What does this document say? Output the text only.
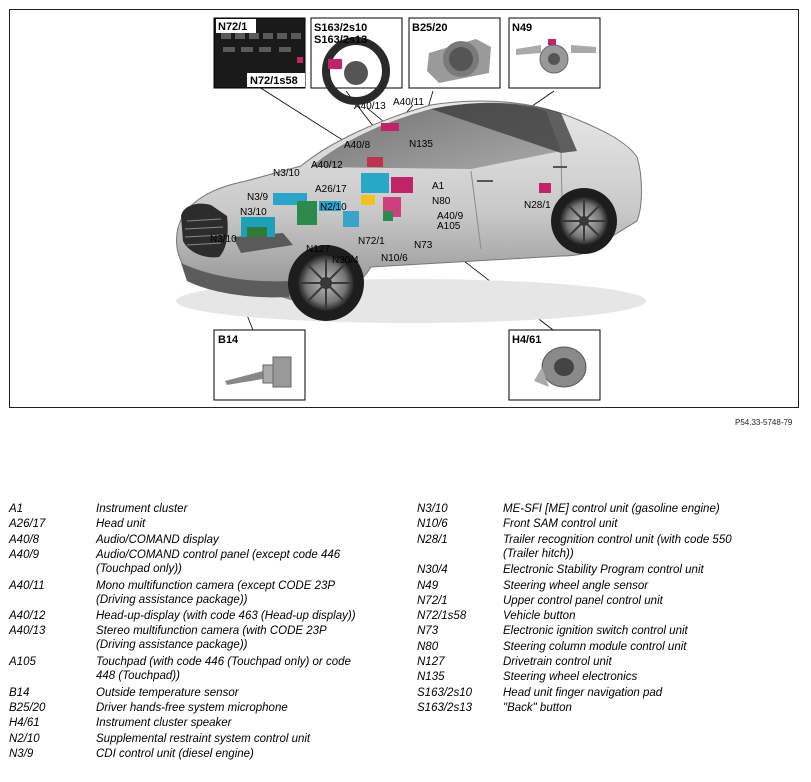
A40/13 A40/11
A40/8	N135
A40/12
N3/10
A26/17	A1
N3/9	N80
N3/10	N2/10
A40/9
A105
N28/1
N3/10	N72/1	N73
N127
N30/4 N10/6
N72/1
N72/1s58
S163/2s10
S163/2s13
B25/20	N49
B14	H4/61
P54.33-5748-79
A1	Instrument cluster
A26/17	Head unit
A40/8	Audio/COMAND display
A40/9	Audio/COMAND control panel (except code 446
(Touchpad only))
A40/11	Mono multifunction camera (except CODE 23P
(Driving assistance package))
A40/12	Head-up-display (with code 463 (Head-up display))
A40/13	Stereo multifunction camera (with CODE 23P
(Driving assistance package))
A105	Touchpad (with code 446 (Touchpad only) or code
448 (Touchpad))
B14	Outside temperature sensor
B25/20	Driver hands-free system microphone
H4/61	Instrument cluster speaker
N2/10	Supplemental restraint system control unit
N3/9	CDI control unit (diesel engine)
N3/10	ME-SFI [ME] control unit (gasoline engine)
N10/6	Front SAM control unit
N28/1	Trailer recognition control unit (with code 550
(Trailer hitch))
N30/4	Electronic Stability Program control unit
N49	Steering wheel angle sensor
N72/1	Upper control panel control unit
N72/1s58	Vehicle button
N73	Electronic ignition switch control unit
N80	Steering column module control unit
N127	Drivetrain control unit
N135	Steering wheel electronics
S163/2s10	Head unit finger navigation pad
S163/2s13	"Back" button
